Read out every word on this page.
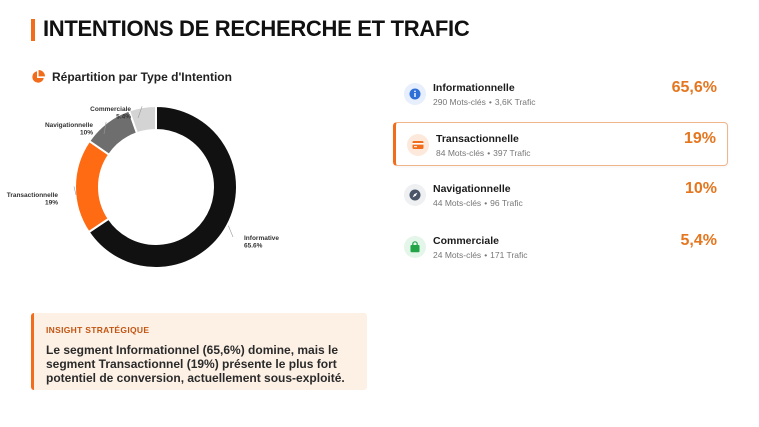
INTENTIONS DE RECHERCHE ET TRAFIC
Répartition par Type d'Intention
Informative
65.6%
Transactionnelle
19%
Navigationnelle
10%
Commerciale
5.4%
Informationnelle
290 Mots-clés • 3,6K Trafic
65,6%
Transactionnelle
84 Mots-clés • 397 Trafic
19%
Navigationnelle
44 Mots-clés • 96 Trafic
10%
Commerciale
24 Mots-clés • 171 Trafic
5,4%
INSIGHT STRATÉGIQUE
Le segment Informationnel (65,6%) domine, mais le segment Transactionnel (19%) présente le plus fort potentiel de conversion, actuellement sous-exploité.
